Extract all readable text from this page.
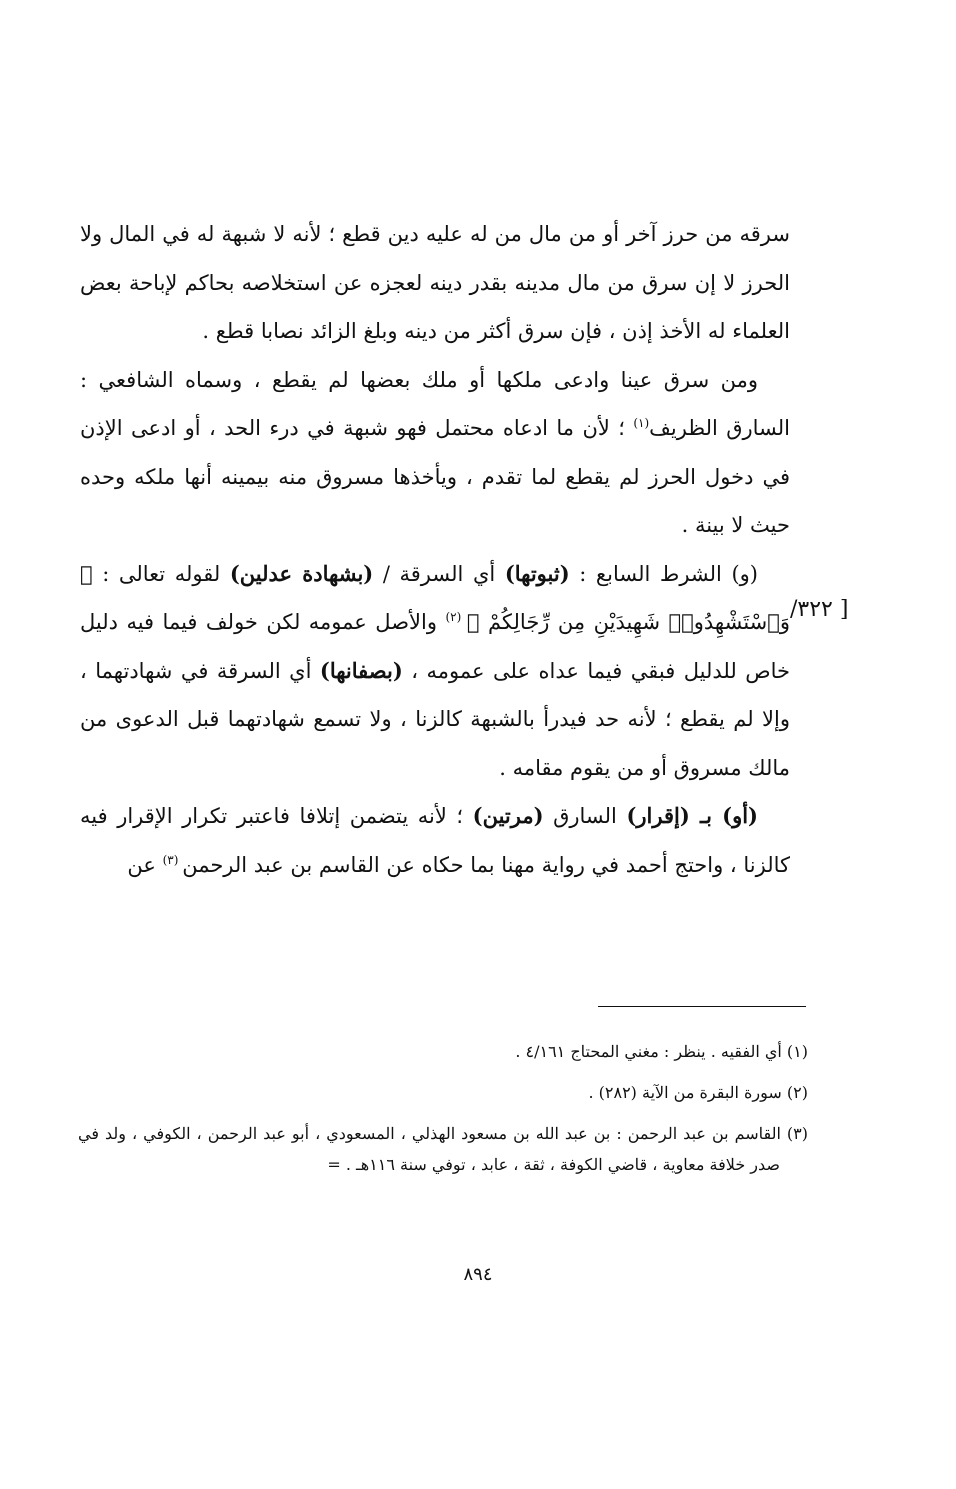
سرقه من حرز آخر أو من مال من له عليه دين قطع ؛ لأنه لا شبهة له في المال ولا الحرز لا إن سرق من مال مدينه بقدر دينه لعجزه عن استخلاصه بحاكم لإباحة بعض العلماء له الأخذ إذن ، فإن سرق أكثر من دينه وبلغ الزائد نصابا قطع .

ومن سرق عينا وادعى ملكها أو ملك بعضها لم يقطع ، وسماه الشافعي : السارق الظريف$^{(١)}$ ؛ لأن ما ادعاه محتمل فهو شبهة في درء الحد ، أو ادعى الإذن في دخول الحرز لم يقطع لما تقدم ، ويأخذها مسروق منه بيمينه أنها ملكه وحده حيث لا بينة .

(و) الشرط السابع : (ثبوتها) أي السرقة / (بشهادة عدلين) لقوله تعالى : ﴿ وَٱسْتَشْهِدُوا۟ شَهِيدَيْنِ مِن رِّجَالِكُمْ ﴾ $^{(٢)}$ والأصل عمومه لكن خولف فيما فيه دليل خاص للدليل فبقي فيما عداه على عمومه ، (بصفانها) أي السرقة في شهادتهما ، وإلا لم يقطع ؛ لأنه حد فيدرأ بالشبهة كالزنا ، ولا تسمع شهادتهما قبل الدعوى من مالك مسروق أو من يقوم مقامه .

(أو) بـ (إقرار) السارق (مرتين) ؛ لأنه يتضمن إتلافا فاعتبر تكرار الإقرار فيه كالزنا ، واحتج أحمد في رواية مهنا بما حكاه عن القاسم بن عبد الرحمن $^{(٣)}$ عن

[ ٣٢٢/

(١) أي الفقيه . ينظر : مغني المحتاج ٤/١٦١ .

(٢) سورة البقرة من الآية (٢٨٢) .

(٣) القاسم بن عبد الرحمن : بن عبد الله بن مسعود الهذلي ، المسعودي ، أبو عبد الرحمن ، الكوفي ، ولد في صدر خلافة معاوية ، قاضي الكوفة ، ثقة ، عابد ، توفي سنة ١١٦هـ . =

٨٩٤
